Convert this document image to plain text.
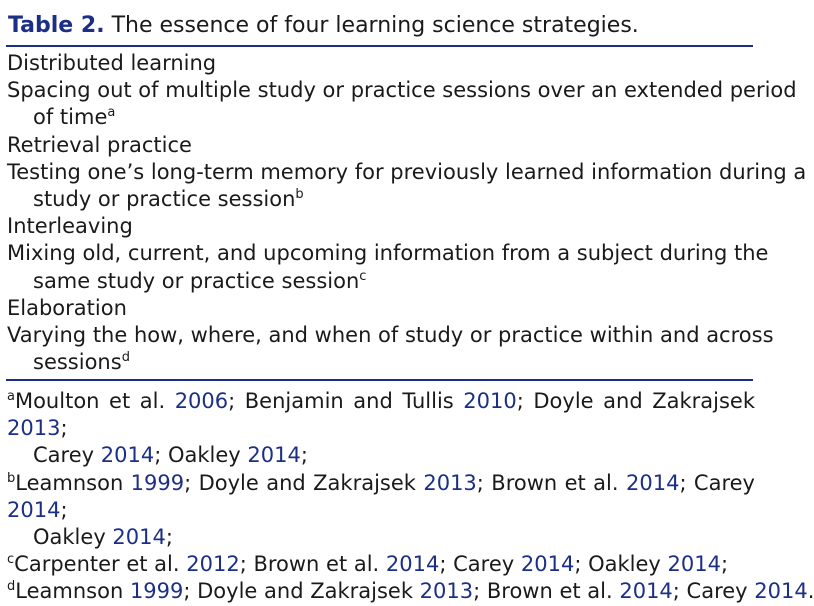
Table 2. The essence of four learning science strategies.
Distributed learning
Spacing out of multiple study or practice sessions over an extended period
of time$^a$
Retrieval practice
Testing one’s long-term memory for previously learned information during a
study or practice session$^b$
Interleaving
Mixing old, current, and upcoming information from a subject during the
same study or practice session$^c$
Elaboration
Varying the how, where, and when of study or practice within and across
sessions$^d$
$^a$Moulton et al. 2006; Benjamin and Tullis 2010; Doyle and Zakrajsek 2013;
Carey 2014; Oakley 2014;
$^b$Leamnson 1999; Doyle and Zakrajsek 2013; Brown et al. 2014; Carey 2014;
Oakley 2014;
$^c$Carpenter et al. 2012; Brown et al. 2014; Carey 2014; Oakley 2014;
$^d$Leamnson 1999; Doyle and Zakrajsek 2013; Brown et al. 2014; Carey 2014.
